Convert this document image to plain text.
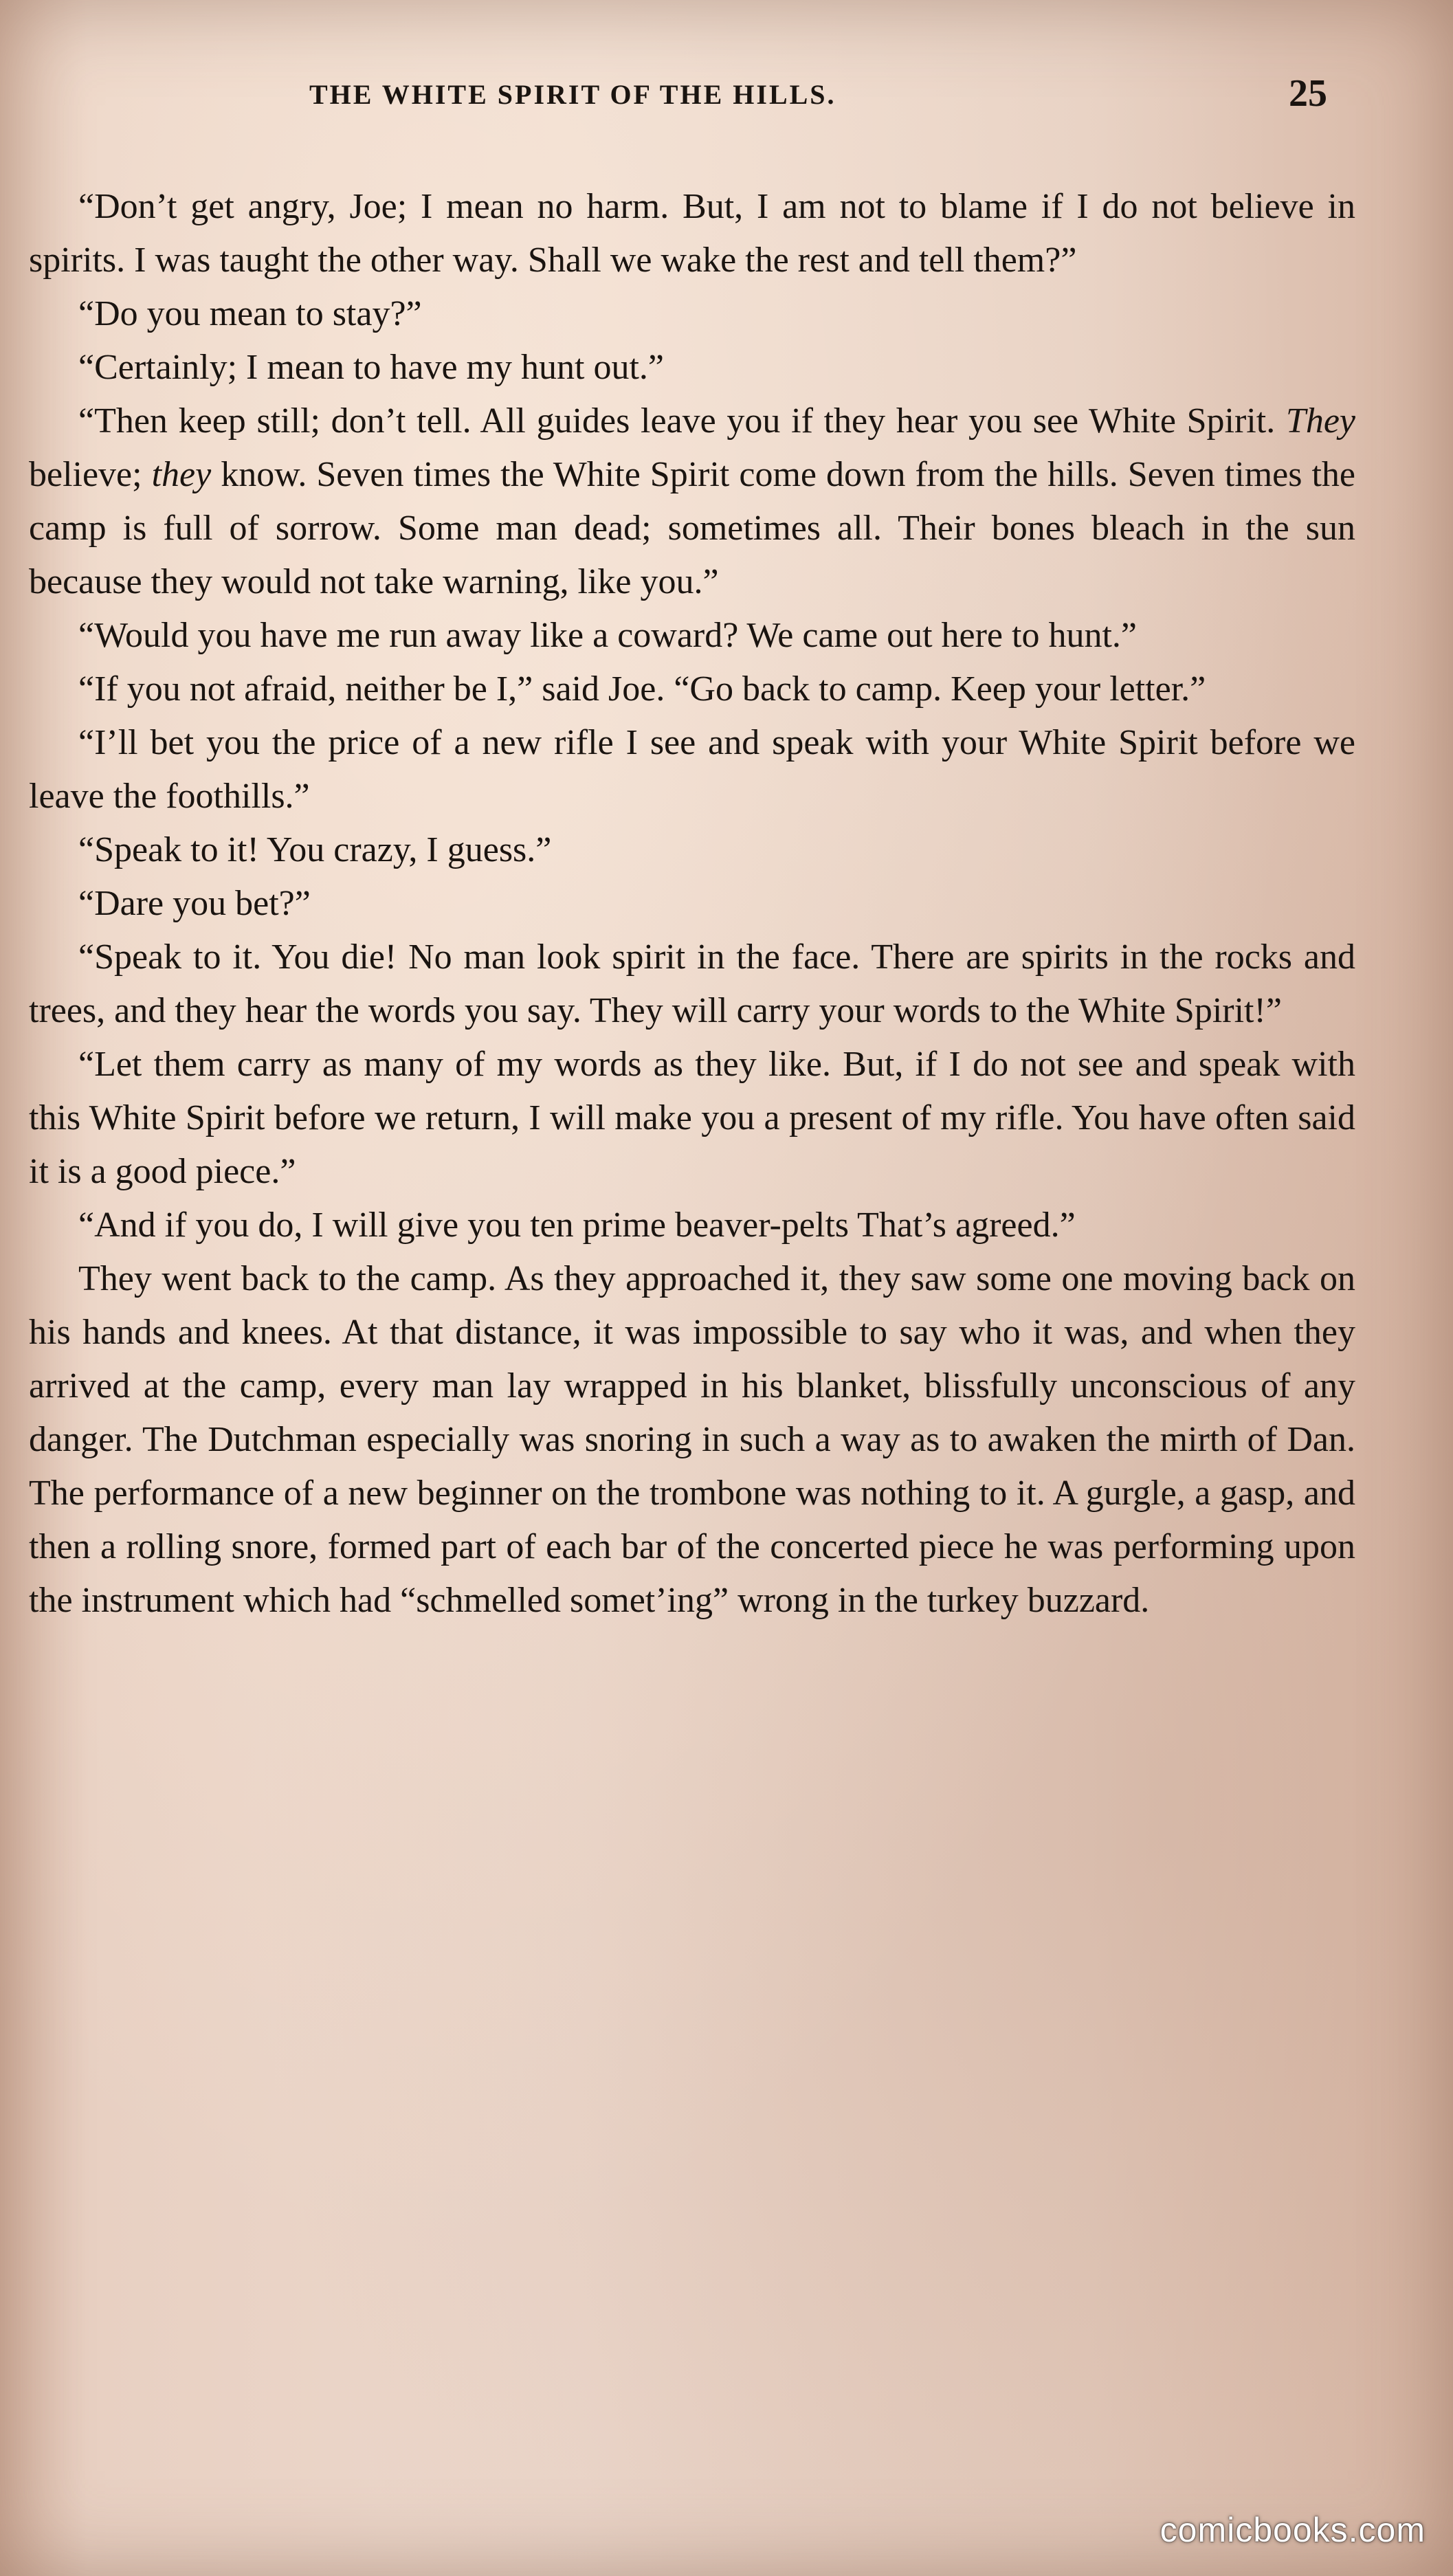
THE WHITE SPIRIT OF THE HILLS.	25

“Don’t get angry, Joe; I mean no harm. But, I am not to blame if I do not believe in spirits. I was taught the other way. Shall we wake the rest and tell them?”

“Do you mean to stay?”

“Certainly; I mean to have my hunt out.”

“Then keep still; don’t tell. All guides leave you if they hear you see White Spirit. They believe; they know. Seven times the White Spirit come down from the hills. Seven times the camp is full of sorrow. Some man dead; sometimes all. Their bones bleach in the sun because they would not take warning, like you.”

“Would you have me run away like a coward? We came out here to hunt.”

“If you not afraid, neither be I,” said Joe. “Go back to camp. Keep your letter.”

“I’ll bet you the price of a new rifle I see and speak with your White Spirit before we leave the foothills.”

“Speak to it! You crazy, I guess.”

“Dare you bet?”

“Speak to it. You die! No man look spirit in the face. There are spirits in the rocks and trees, and they hear the words you say. They will carry your words to the White Spirit!”

“Let them carry as many of my words as they like. But, if I do not see and speak with this White Spirit before we return, I will make you a present of my rifle. You have often said it is a good piece.”

“And if you do, I will give you ten prime beaver-pelts That’s agreed.”

They went back to the camp. As they approached it, they saw some one moving back on his hands and knees. At that distance, it was impossible to say who it was, and when they arrived at the camp, every man lay wrapped in his blanket, blissfully unconscious of any danger. The Dutchman especially was snoring in such a way as to awaken the mirth of Dan. The performance of a new beginner on the trombone was nothing to it. A gurgle, a gasp, and then a rolling snore, formed part of each bar of the concerted piece he was performing upon the instrument which had “schmelled somet’ing” wrong in the turkey buzzard.

comicbooks.com
